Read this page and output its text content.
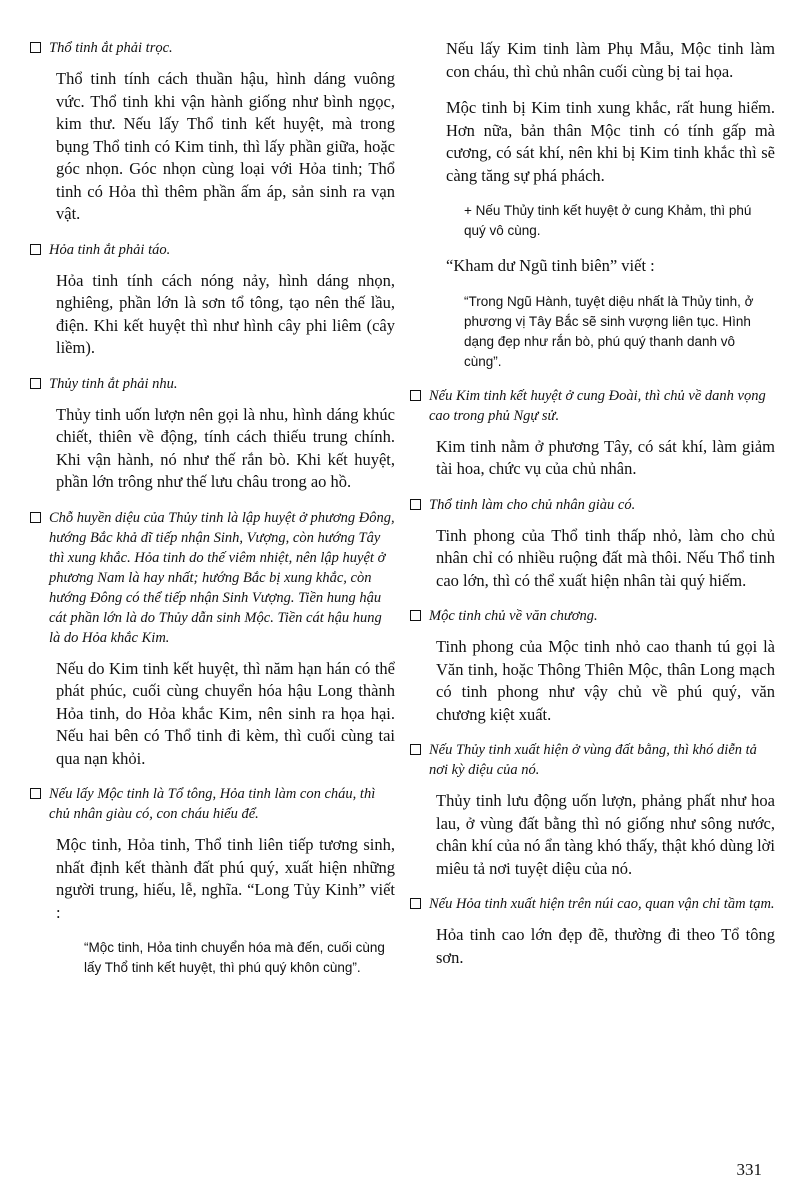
Thổ tinh ắt phải trọc.

Thổ tinh tính cách thuần hậu, hình dáng vuông vức. Thổ tinh khi vận hành giống như bình ngọc, kim thư. Nếu lấy Thổ tinh kết huyệt, mà trong bụng Thổ tinh có Kim tinh, thì lấy phần giữa, hoặc góc nhọn. Góc nhọn cùng loại với Hỏa tinh; Thổ tinh có Hỏa thì thêm phần ấm áp, sản sinh ra vạn vật.

Hỏa tinh ắt phải táo.

Hỏa tinh tính cách nóng nảy, hình dáng nhọn, nghiêng, phần lớn là sơn tổ tông, tạo nên thế lầu, điện. Khi kết huyệt thì như hình cây phi liêm (cây liềm).

Thủy tinh ắt phải nhu.

Thủy tinh uốn lượn nên gọi là nhu, hình dáng khúc chiết, thiên về động, tính cách thiếu trung chính. Khi vận hành, nó như thế rắn bò. Khi kết huyệt, phần lớn trông như thế lưu châu trong ao hồ.

Chỗ huyền diệu của Thủy tinh là lập huyệt ở phương Đông, hướng Bắc khả dĩ tiếp nhận Sinh, Vượng, còn hướng Tây thì xung khắc. Hỏa tinh do thế viêm nhiệt, nên lập huyệt ở phương Nam là hay nhất; hướng Bắc bị xung khắc, còn hướng Đông có thể tiếp nhận Sinh Vượng. Tiền hung hậu cát phần lớn là do Thủy dẫn sinh Mộc. Tiền cát hậu hung là do Hỏa khắc Kim.

Nếu do Kim tinh kết huyệt, thì năm hạn hán có thể phát phúc, cuối cùng chuyển hóa hậu Long thành Hỏa tinh, do Hỏa khắc Kim, nên sinh ra họa hại. Nếu hai bên có Thổ tinh đi kèm, thì cuối cùng tai qua nạn khỏi.

Nếu lấy Mộc tinh là Tổ tông, Hỏa tinh làm con cháu, thì chủ nhân giàu có, con cháu hiếu để.

Mộc tinh, Hỏa tinh, Thổ tinh liên tiếp tương sinh, nhất định kết thành đất phú quý, xuất hiện những người trung, hiếu, lễ, nghĩa. “Long Tủy Kinh” viết :

“Mộc tinh, Hỏa tinh chuyển hóa mà đến, cuối cùng lấy Thổ tinh kết huyệt, thì phú quý khôn cùng”.

Nếu lấy Kim tinh làm Phụ Mẫu, Mộc tinh làm con cháu, thì chủ nhân cuối cùng bị tai họa.

Mộc tinh bị Kim tinh xung khắc, rất hung hiểm. Hơn nữa, bản thân Mộc tinh có tính gấp mà cương, có sát khí, nên khi bị Kim tinh khắc thì sẽ càng tăng sự phá phách.

+ Nếu Thủy tinh kết huyệt ở cung Khảm, thì phú quý vô cùng.

“Kham dư Ngũ tinh biên” viết :

“Trong Ngũ Hành, tuyệt diệu nhất là Thủy tinh, ở phương vị Tây Bắc sẽ sinh vượng liên tục. Hình dạng đẹp như rắn bò, phú quý thanh danh vô cùng”.

Nếu Kim tinh kết huyệt ở cung Đoài, thì chủ về danh vọng cao trong phủ Ngự sử.

Kim tinh nằm ở phương Tây, có sát khí, làm giảm tài hoa, chức vụ của chủ nhân.

Thổ tinh làm cho chủ nhân giàu có.

Tinh phong của Thổ tinh thấp nhỏ, làm cho chủ nhân chỉ có nhiều ruộng đất mà thôi. Nếu Thổ tinh cao lớn, thì có thể xuất hiện nhân tài quý hiếm.

Mộc tinh chủ về văn chương.

Tinh phong của Mộc tinh nhỏ cao thanh tú gọi là Văn tinh, hoặc Thông Thiên Mộc, thân Long mạch có tinh phong như vậy chủ về phú quý, văn chương kiệt xuất.

Nếu Thủy tinh xuất hiện ở vùng đất bằng, thì khó diễn tả nơi kỳ diệu của nó.

Thủy tinh lưu động uốn lượn, phảng phất như hoa lau, ở vùng đất bằng thì nó giống như sông nước, chân khí của nó ẩn tàng khó thấy, thật khó dùng lời miêu tả nơi tuyệt diệu của nó.

Nếu Hỏa tinh xuất hiện trên núi cao, quan vận chỉ tầm tạm.

Hỏa tinh cao lớn đẹp đẽ, thường đi theo Tổ tông sơn.

331
